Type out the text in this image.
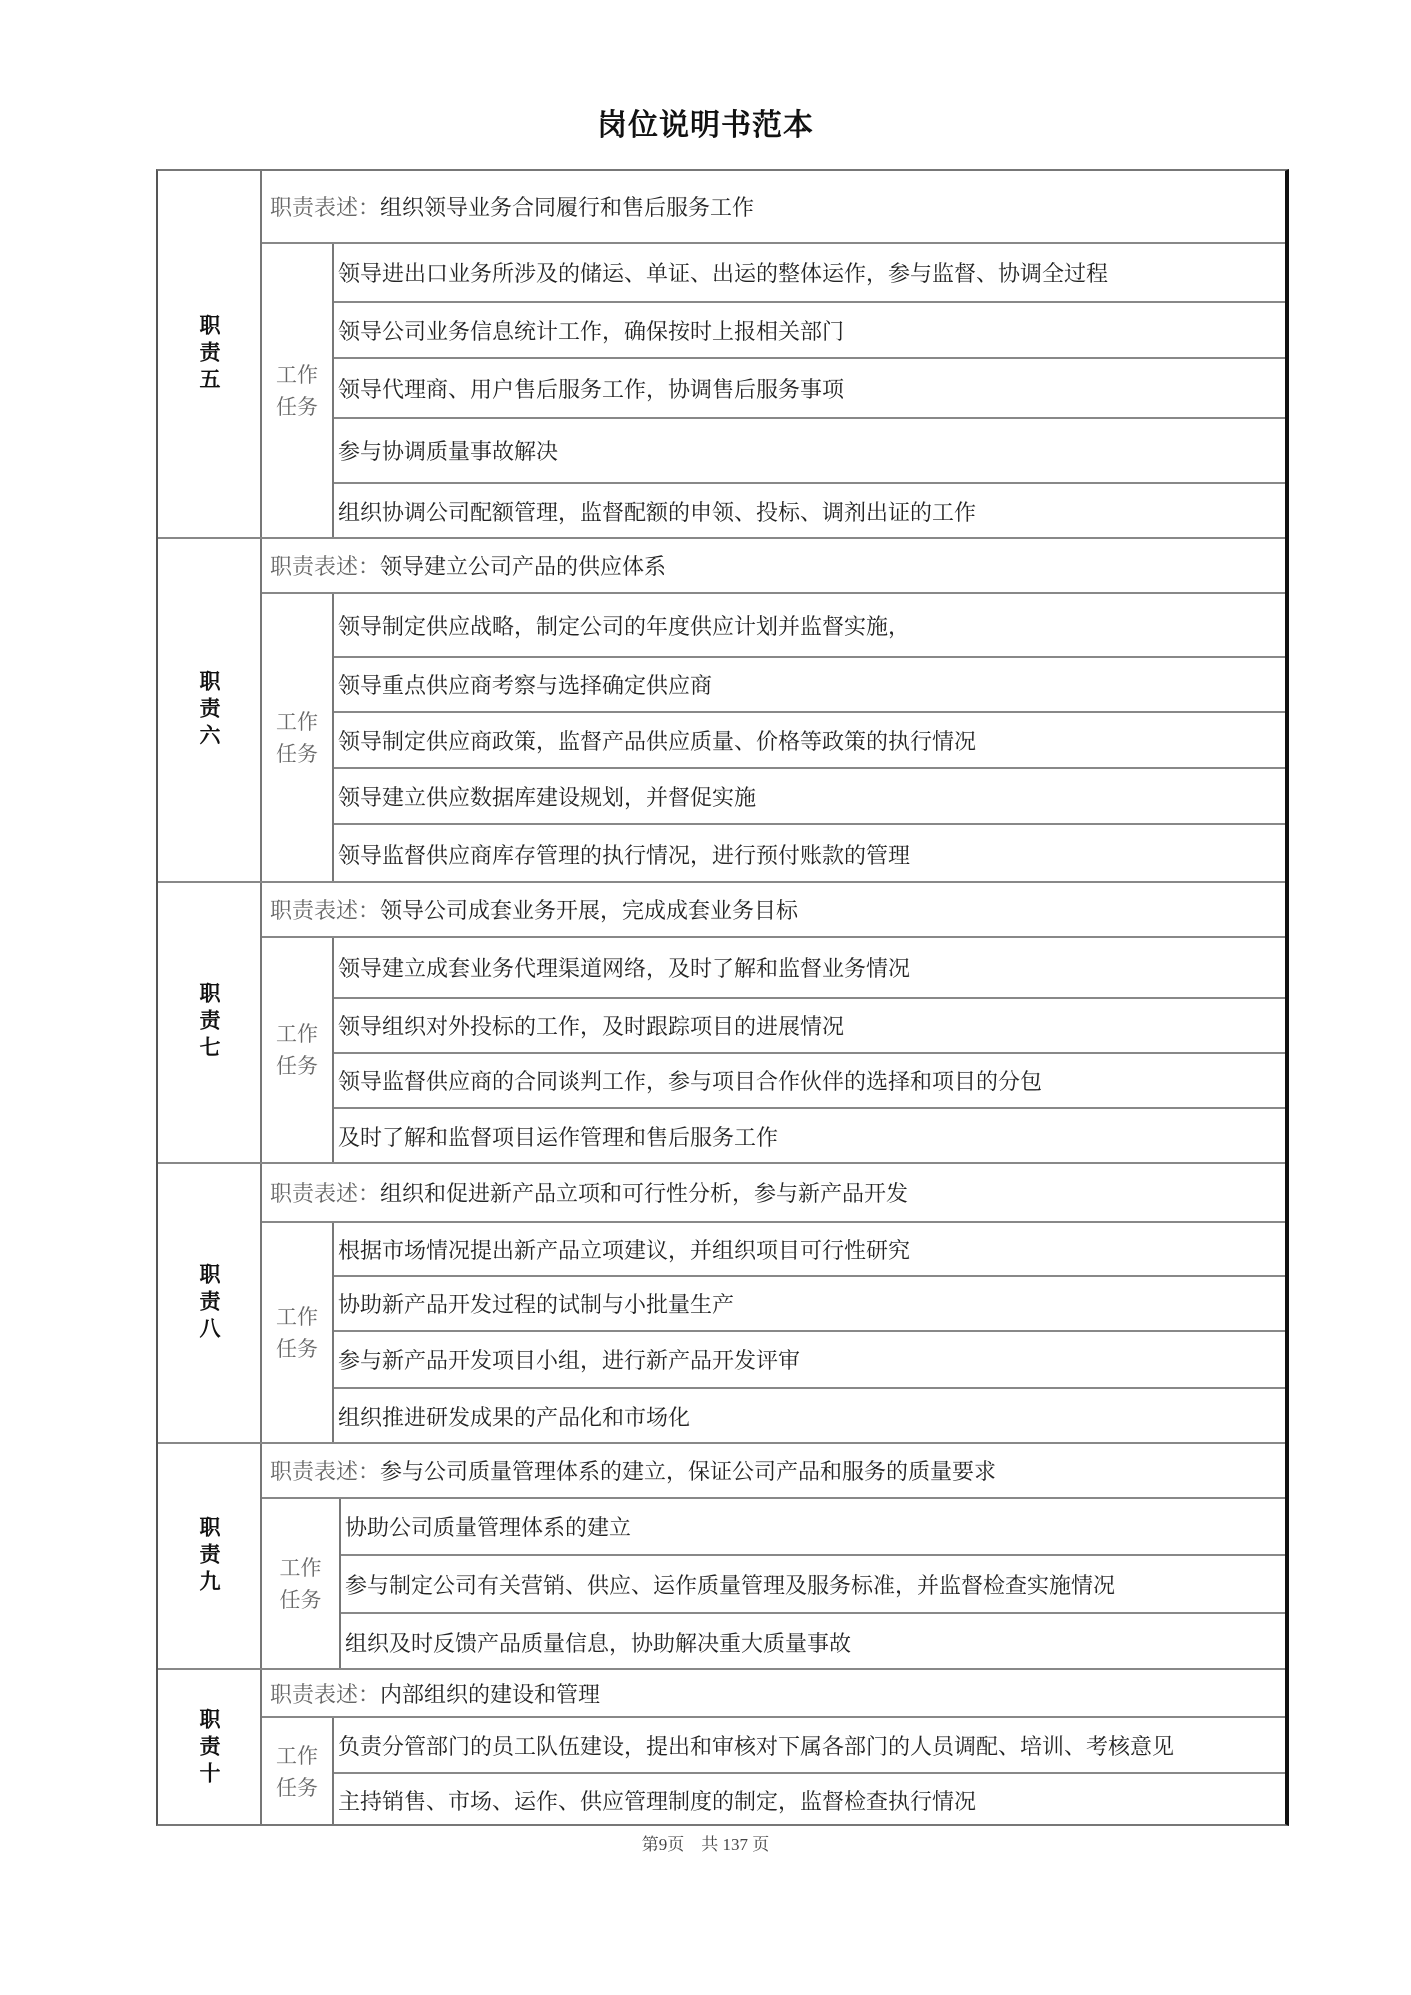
岗位说明书范本
职责五
职责表述： 组织领导业务合同履行和售后服务工作
工作
任务
领导进出口业务所涉及的储运、单证、出运的整体运作，参与监督、协调全过程
领导公司业务信息统计工作，确保按时上报相关部门
领导代理商、用户售后服务工作，协调售后服务事项
参与协调质量事故解决
组织协调公司配额管理，监督配额的申领、投标、调剂出证的工作
职责六
职责表述： 领导建立公司产品的供应体系
工作
任务
领导制定供应战略，制定公司的年度供应计划并监督实施，
领导重点供应商考察与选择确定供应商
领导制定供应商政策，监督产品供应质量、价格等政策的执行情况
领导建立供应数据库建设规划，并督促实施
领导监督供应商库存管理的执行情况，进行预付账款的管理
职责七
职责表述： 领导公司成套业务开展，完成成套业务目标
工作
任务
领导建立成套业务代理渠道网络，及时了解和监督业务情况
领导组织对外投标的工作，及时跟踪项目的进展情况
领导监督供应商的合同谈判工作，参与项目合作伙伴的选择和项目的分包
及时了解和监督项目运作管理和售后服务工作
职责八
职责表述： 组织和促进新产品立项和可行性分析，参与新产品开发
工作
任务
根据市场情况提出新产品立项建议，并组织项目可行性研究
协助新产品开发过程的试制与小批量生产
参与新产品开发项目小组，进行新产品开发评审
组织推进研发成果的产品化和市场化
职责九
职责表述： 参与公司质量管理体系的建立，保证公司产品和服务的质量要求
工作
任务
协助公司质量管理体系的建立
参与制定公司有关营销、供应、运作质量管理及服务标准，并监督检查实施情况
组织及时反馈产品质量信息，协助解决重大质量事故
职责十
职责表述： 内部组织的建设和管理
工作
任务
负责分管部门的员工队伍建设，提出和审核对下属各部门的人员调配、培训、考核意见
主持销售、市场、运作、供应管理制度的制定，监督检查执行情况
第9页    共 137 页
